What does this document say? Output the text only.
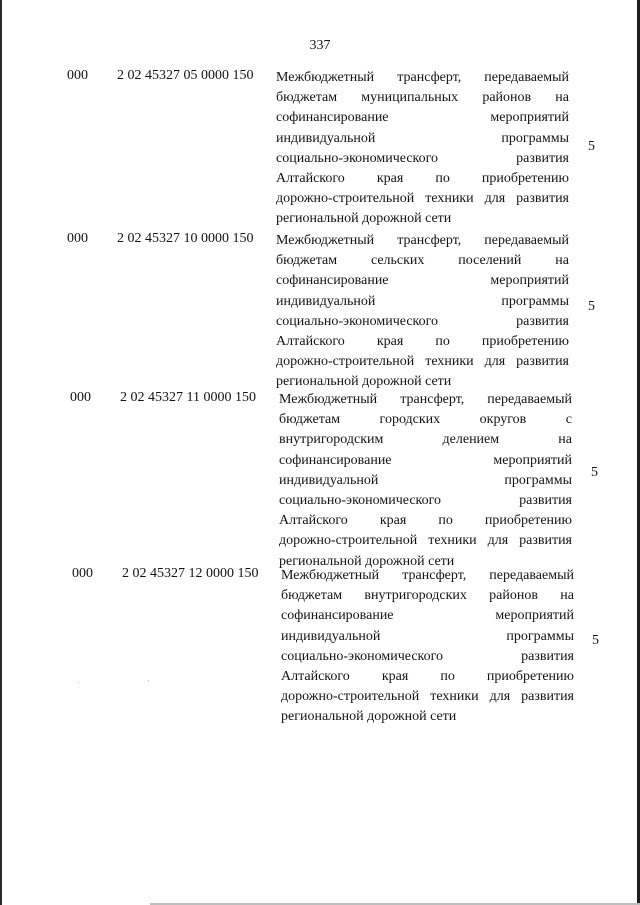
337
000 2 02 45327 05 0000 150 Межбюджетный трансферт, передаваемый
бюджетам муниципальных районов на
софинансирование мероприятий
индивидуальной программы
социально-экономического развития
Алтайского края по приобретению
дорожно-строительной техники для развития
региональной дорожной сети
5
000 2 02 45327 10 0000 150 Межбюджетный трансферт, передаваемый
бюджетам сельских поселений на
софинансирование мероприятий
индивидуальной программы
социально-экономического развития
Алтайского края по приобретению
дорожно-строительной техники для развития
региональной дорожной сети
5
000 2 02 45327 11 0000 150 Межбюджетный трансферт, передаваемый
бюджетам городских округов с
внутригородским делением на
софинансирование мероприятий
индивидуальной программы
социально-экономического развития
Алтайского края по приобретению
дорожно-строительной техники для развития
региональной дорожной сети
5
000 2 02 45327 12 0000 150 Межбюджетный трансферт, передаваемый
бюджетам внутригородских районов на
софинансирование мероприятий
индивидуальной программы
социально-экономического развития
Алтайского края по приобретению
дорожно-строительной техники для развития
региональной дорожной сети
5
